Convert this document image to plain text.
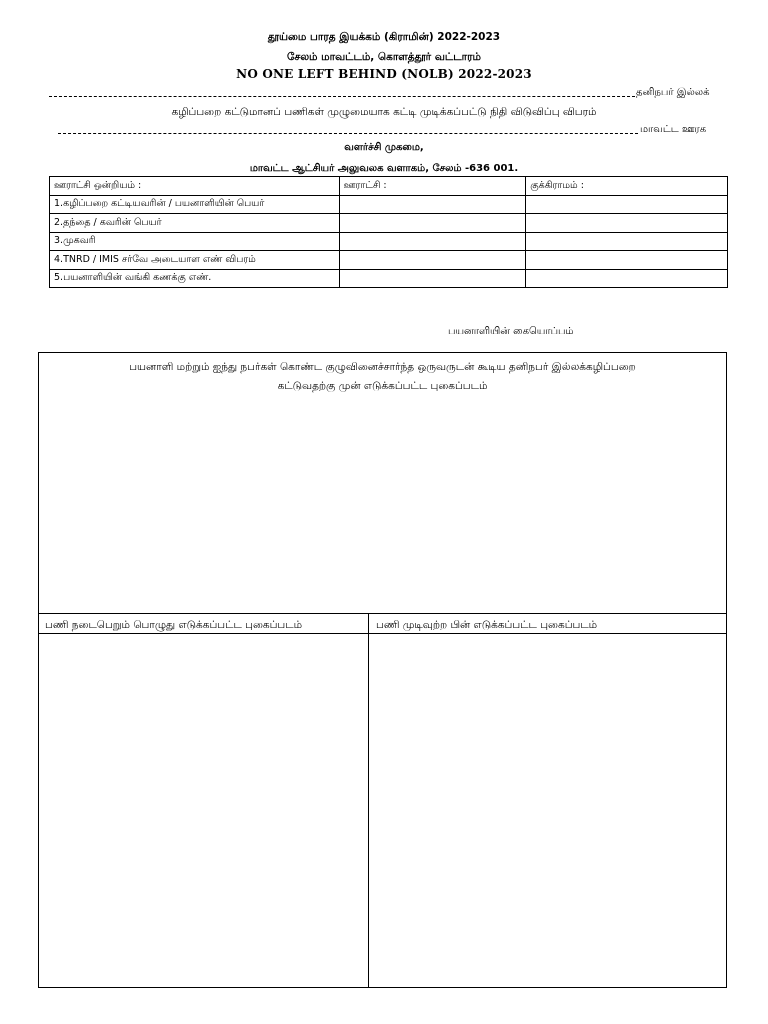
தூய்மை பாரத இயக்கம் (கிராமின்) 2022-2023
சேலம் மாவட்டம், கொளத்தூர் வட்டாரம்
NO ONE LEFT BEHIND (NOLB) 2022-2023
தனிநபர் இல்லக்
கழிப்பறை கட்டுமானப் பணிகள் முழுமையாக கட்டி முடிக்கப்பட்டு நிதி விடுவிப்பு விபரம்
மாவட்ட ஊரக
வளர்ச்சி முகமை,
மாவட்ட ஆட்சியர் அலுவலக வளாகம், சேலம் -636 001.
ஊராட்சி ஒன்றியம் :	ஊராட்சி :	குக்கிராமம் :
1.கழிப்பறை கட்டியவரின் / பயனாளியின் பெயர்		
2.தந்தை / கவரின் பெயர்		
3.முகவரி		
4.TNRD / IMIS சர்வே அடையாள எண் விபரம்		
5.பயனாளியின் வங்கி கணக்கு எண்.		
பயனாளியின் கையொப்பம்
பயனாளி மற்றும் ஐந்து நபர்கள் கொண்ட குழுவினைச்சார்ந்த ஒருவருடன் கூடிய தனிநபர் இல்லக்கழிப்பறை
கட்டுவதற்கு முன் எடுக்கப்பட்ட புகைப்படம்
பணி நடைபெறும் பொழுது எடுக்கப்பட்ட புகைப்படம்	பணி முடிவுற்ற பின் எடுக்கப்பட்ட புகைப்படம்
